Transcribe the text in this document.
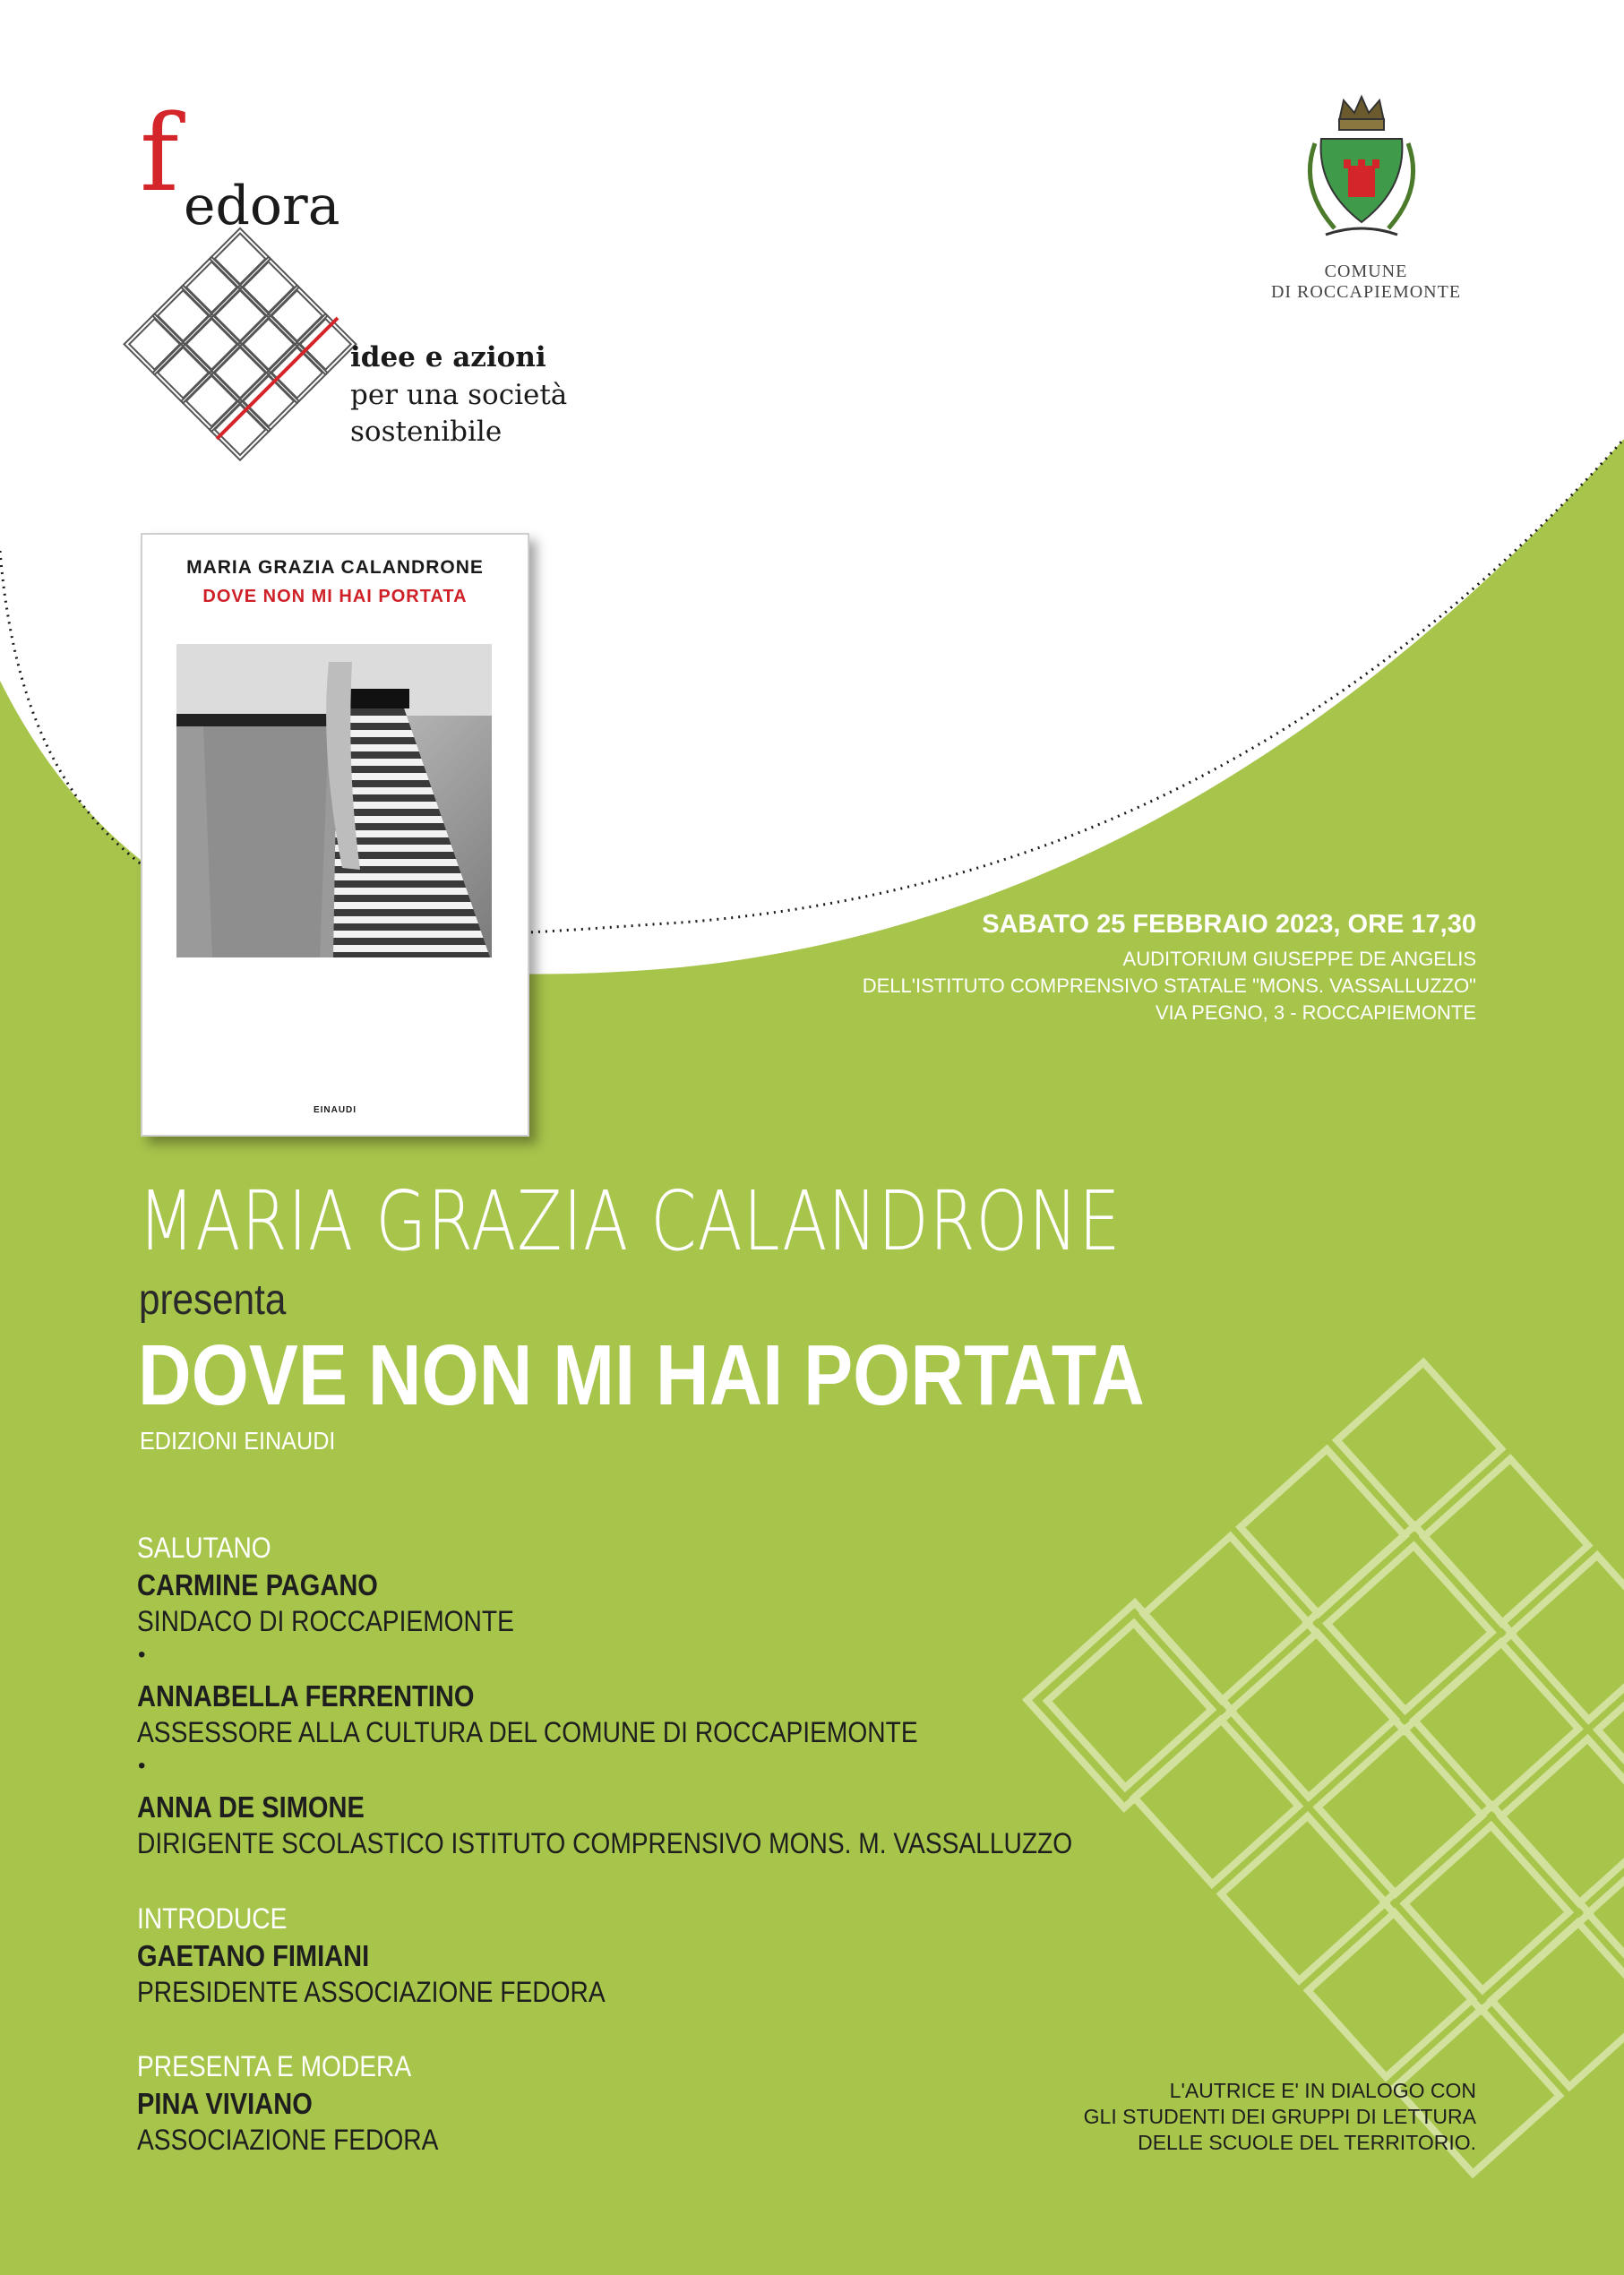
f edora
idee e azioni
per una società
sostenibile
COMUNE
DI ROCCAPIEMONTE
MARIA GRAZIA CALANDRONE
DOVE NON MI HAI PORTATA
EINAUDI
SABATO 25 FEBBRAIO 2023, ORE 17,30
AUDITORIUM GIUSEPPE DE ANGELIS
DELL'ISTITUTO COMPRENSIVO STATALE "MONS. VASSALLUZZO"
VIA PEGNO, 3 - ROCCAPIEMONTE
MARIA GRAZIA CALANDRONE
presenta
DOVE NON MI HAI PORTATA
EDIZIONI EINAUDI
SALUTANO
CARMINE PAGANO
SINDACO DI ROCCAPIEMONTE
•
ANNABELLA FERRENTINO
ASSESSORE ALLA CULTURA DEL COMUNE DI ROCCAPIEMONTE
•
ANNA DE SIMONE
DIRIGENTE SCOLASTICO ISTITUTO COMPRENSIVO MONS. M. VASSALLUZZO
INTRODUCE
GAETANO FIMIANI
PRESIDENTE ASSOCIAZIONE FEDORA
PRESENTA E MODERA
PINA VIVIANO
ASSOCIAZIONE FEDORA
L'AUTRICE E' IN DIALOGO CON
GLI STUDENTI DEI GRUPPI DI LETTURA
DELLE SCUOLE DEL TERRITORIO.
